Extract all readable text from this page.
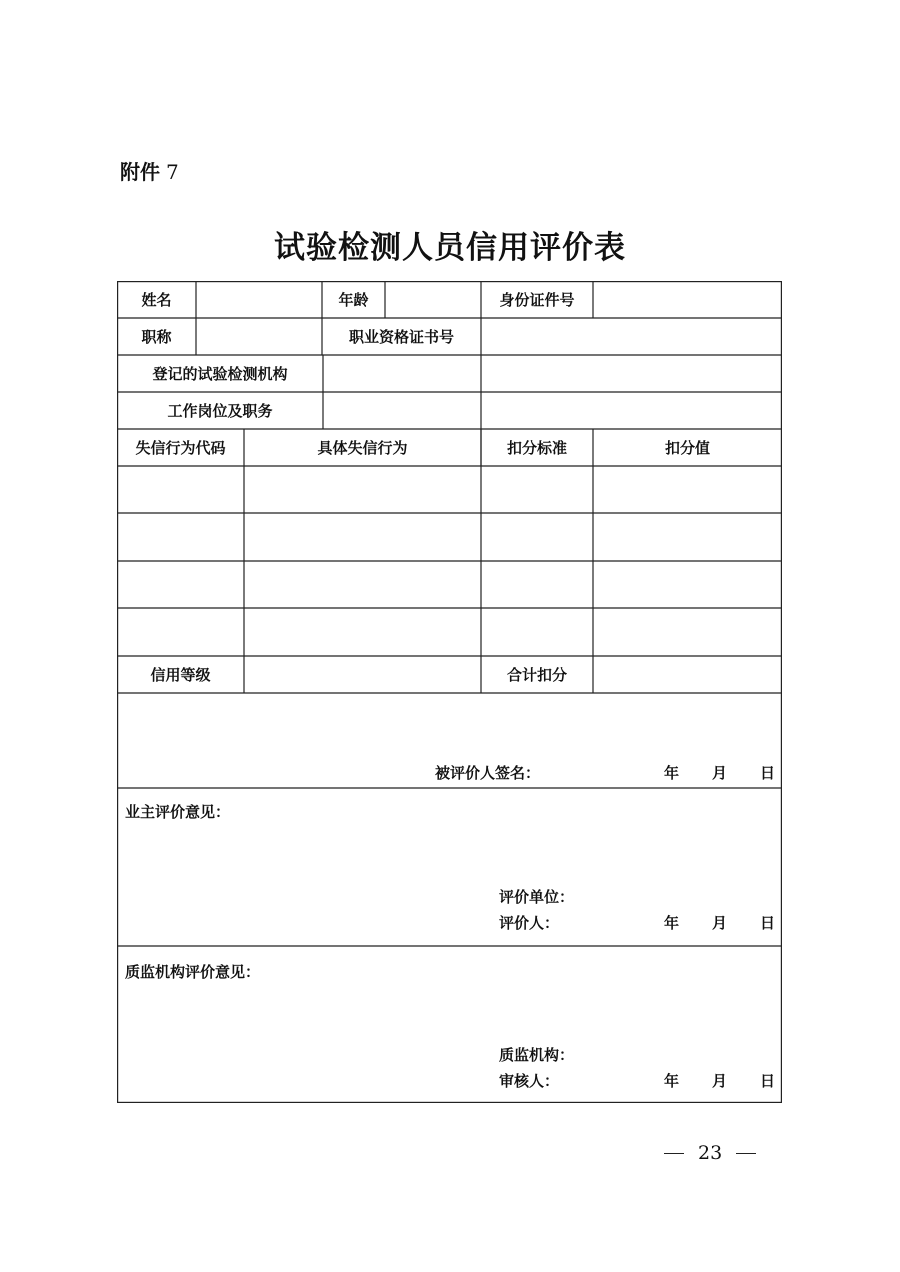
附件 7
试验检测人员信用评价表
姓名	年龄	身份证件号
职称	职业资格证书号
登记的试验检测机构
工作岗位及职务
失信行为代码	具体失信行为	扣分标准	扣分值
信用等级	合计扣分
被评价人签名：	年 月 日
业主评价意见：
评价单位：
评价人：	年 月 日
质监机构评价意见：
质监机构：
审核人：	年 月 日
23
